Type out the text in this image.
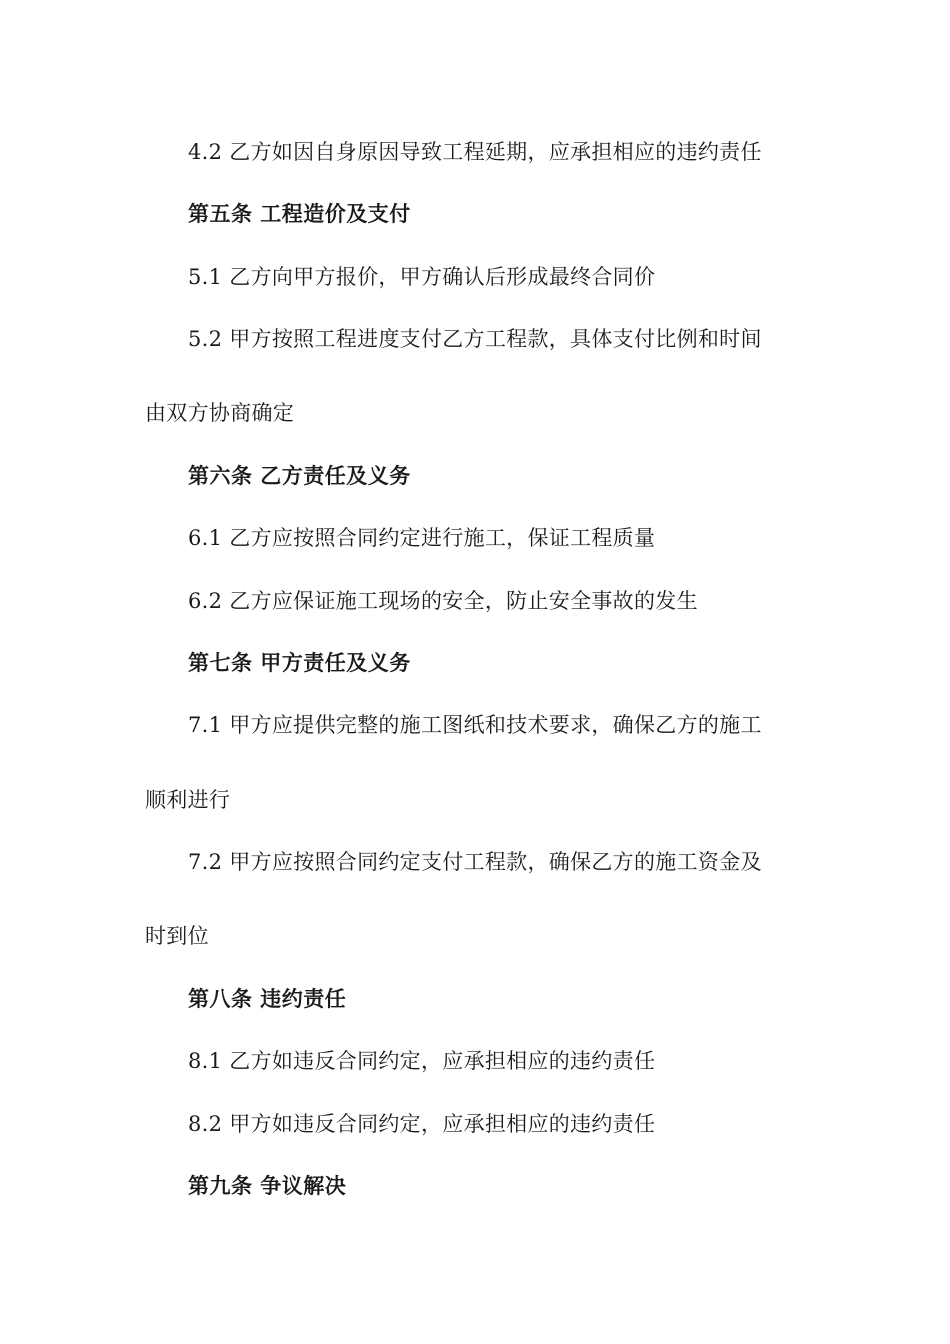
4.2 乙方如因自身原因导致工程延期，应承担相应的违约责任
第五条 工程造价及支付
5.1 乙方向甲方报价，甲方确认后形成最终合同价
5.2 甲方按照工程进度支付乙方工程款，具体支付比例和时间
由双方协商确定
第六条 乙方责任及义务
6.1 乙方应按照合同约定进行施工，保证工程质量
6.2 乙方应保证施工现场的安全，防止安全事故的发生
第七条 甲方责任及义务
7.1 甲方应提供完整的施工图纸和技术要求，确保乙方的施工
顺利进行
7.2 甲方应按照合同约定支付工程款，确保乙方的施工资金及
时到位
第八条 违约责任
8.1 乙方如违反合同约定，应承担相应的违约责任
8.2 甲方如违反合同约定，应承担相应的违约责任
第九条 争议解决
